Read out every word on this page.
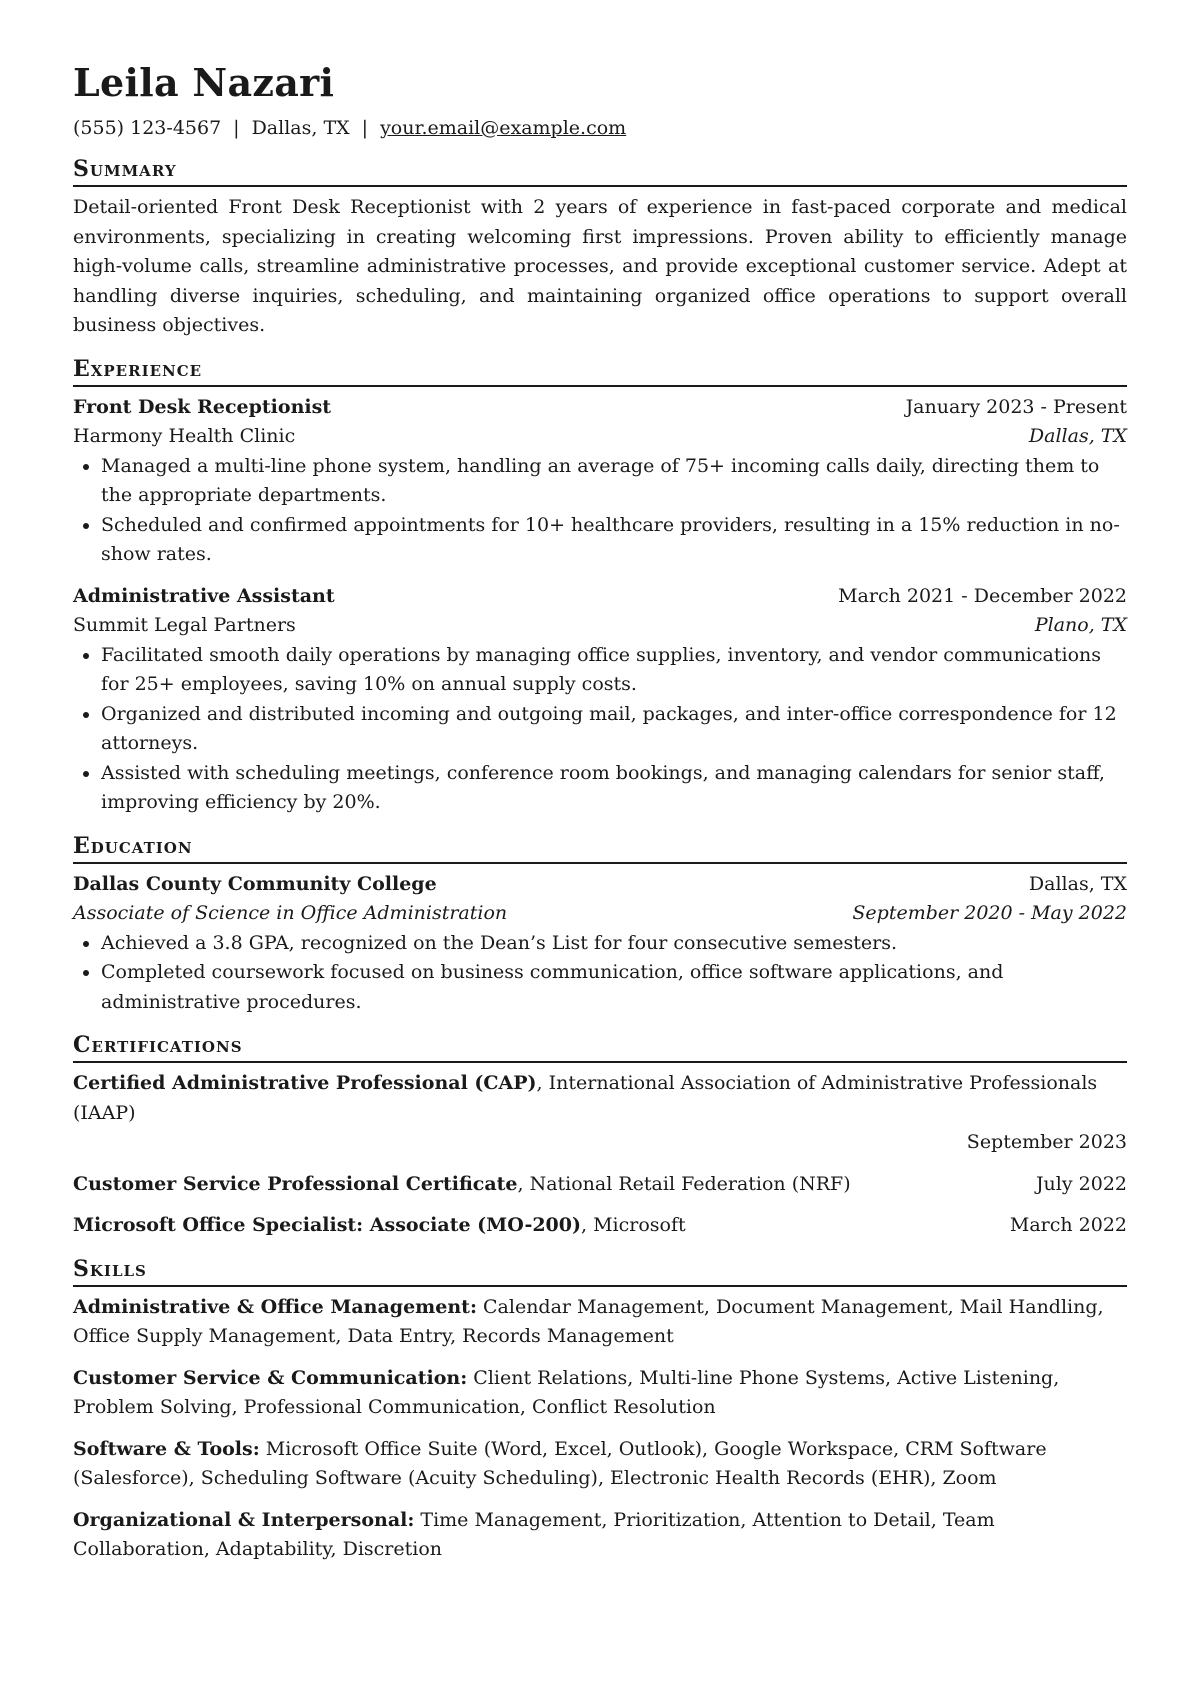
Leila Nazari
(555) 123-4567 | Dallas, TX | your.email@example.com
Summary
Detail-oriented Front Desk Receptionist with 2 years of experience in fast-paced corporate and medical environments, specializing in creating welcoming first impressions. Proven ability to efficiently manage high-volume calls, streamline administrative processes, and provide exceptional customer service. Adept at handling diverse inquiries, scheduling, and maintaining organized office operations to support overall business objectives.
Experience
Front Desk Receptionist	January 2023 - Present
Harmony Health Clinic	Dallas, TX
• Managed a multi-line phone system, handling an average of 75+ incoming calls daily, directing them to the appropriate departments.
• Scheduled and confirmed appointments for 10+ healthcare providers, resulting in a 15% reduction in no-show rates.
Administrative Assistant	March 2021 - December 2022
Summit Legal Partners	Plano, TX
• Facilitated smooth daily operations by managing office supplies, inventory, and vendor communications for 25+ employees, saving 10% on annual supply costs.
• Organized and distributed incoming and outgoing mail, packages, and inter-office correspondence for 12 attorneys.
• Assisted with scheduling meetings, conference room bookings, and managing calendars for senior staff, improving efficiency by 20%.
Education
Dallas County Community College	Dallas, TX
Associate of Science in Office Administration	September 2020 - May 2022
• Achieved a 3.8 GPA, recognized on the Dean’s List for four consecutive semesters.
• Completed coursework focused on business communication, office software applications, and administrative procedures.
Certifications
Certified Administrative Professional (CAP), International Association of Administrative Professionals (IAAP)
September 2023
Customer Service Professional Certificate, National Retail Federation (NRF)	July 2022
Microsoft Office Specialist: Associate (MO-200), Microsoft	March 2022
Skills
Administrative & Office Management: Calendar Management, Document Management, Mail Handling, Office Supply Management, Data Entry, Records Management
Customer Service & Communication: Client Relations, Multi-line Phone Systems, Active Listening, Problem Solving, Professional Communication, Conflict Resolution
Software & Tools: Microsoft Office Suite (Word, Excel, Outlook), Google Workspace, CRM Software (Salesforce), Scheduling Software (Acuity Scheduling), Electronic Health Records (EHR), Zoom
Organizational & Interpersonal: Time Management, Prioritization, Attention to Detail, Team Collaboration, Adaptability, Discretion
